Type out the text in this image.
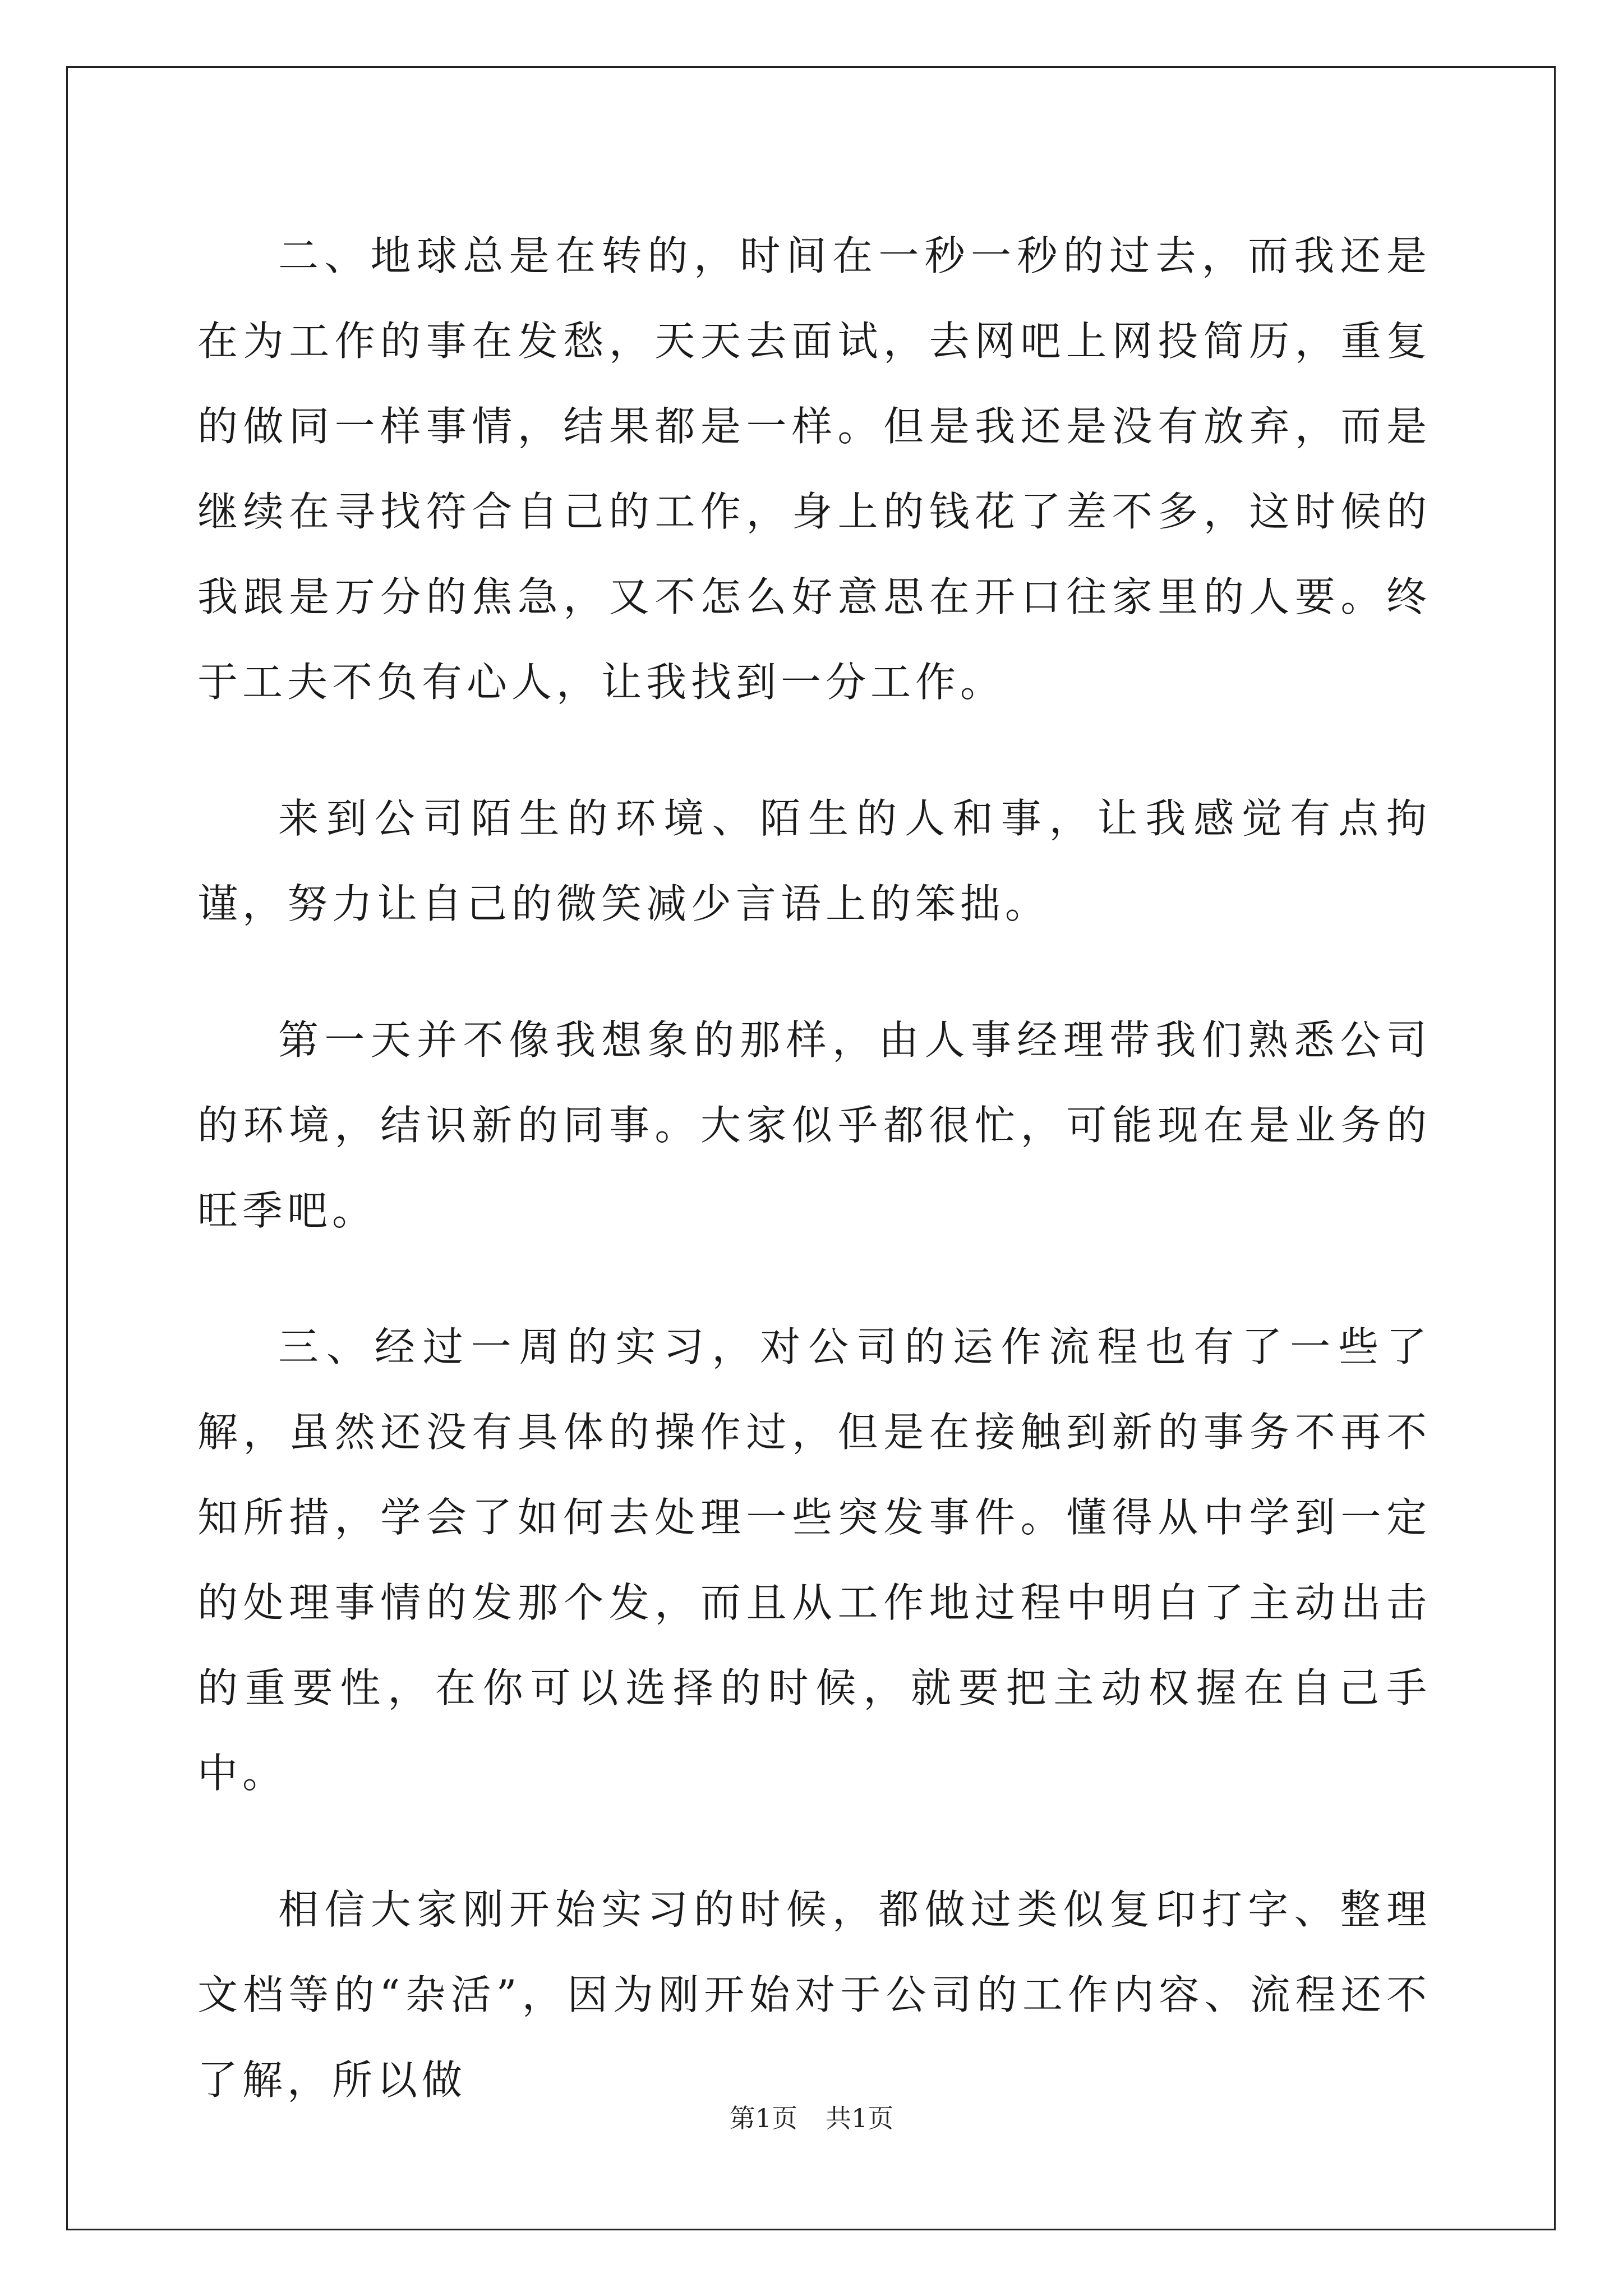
二、地球总是在转的，时间在一秒一秒的过去，而我还是在为工作的事在发愁，天天去面试，去网吧上网投简历，重复的做同一样事情，结果都是一样。但是我还是没有放弃，而是继续在寻找符合自己的工作，身上的钱花了差不多，这时候的我跟是万分的焦急，又不怎么好意思在开口往家里的人要。终于工夫不负有心人，让我找到一分工作。

来到公司陌生的环境、陌生的人和事，让我感觉有点拘谨，努力让自己的微笑减少言语上的笨拙。

第一天并不像我想象的那样，由人事经理带我们熟悉公司的环境，结识新的同事。大家似乎都很忙，可能现在是业务的旺季吧。

三、经过一周的实习，对公司的运作流程也有了一些了解，虽然还没有具体的操作过，但是在接触到新的事务不再不知所措，学会了如何去处理一些突发事件。懂得从中学到一定的处理事情的发那个发，而且从工作地过程中明白了主动出击的重要性，在你可以选择的时候，就要把主动权握在自己手中。

相信大家刚开始实习的时候，都做过类似复印打字、整理文档等的“杂活”，因为刚开始对于公司的工作内容、流程还不了解，所以做

第1页 共1页
